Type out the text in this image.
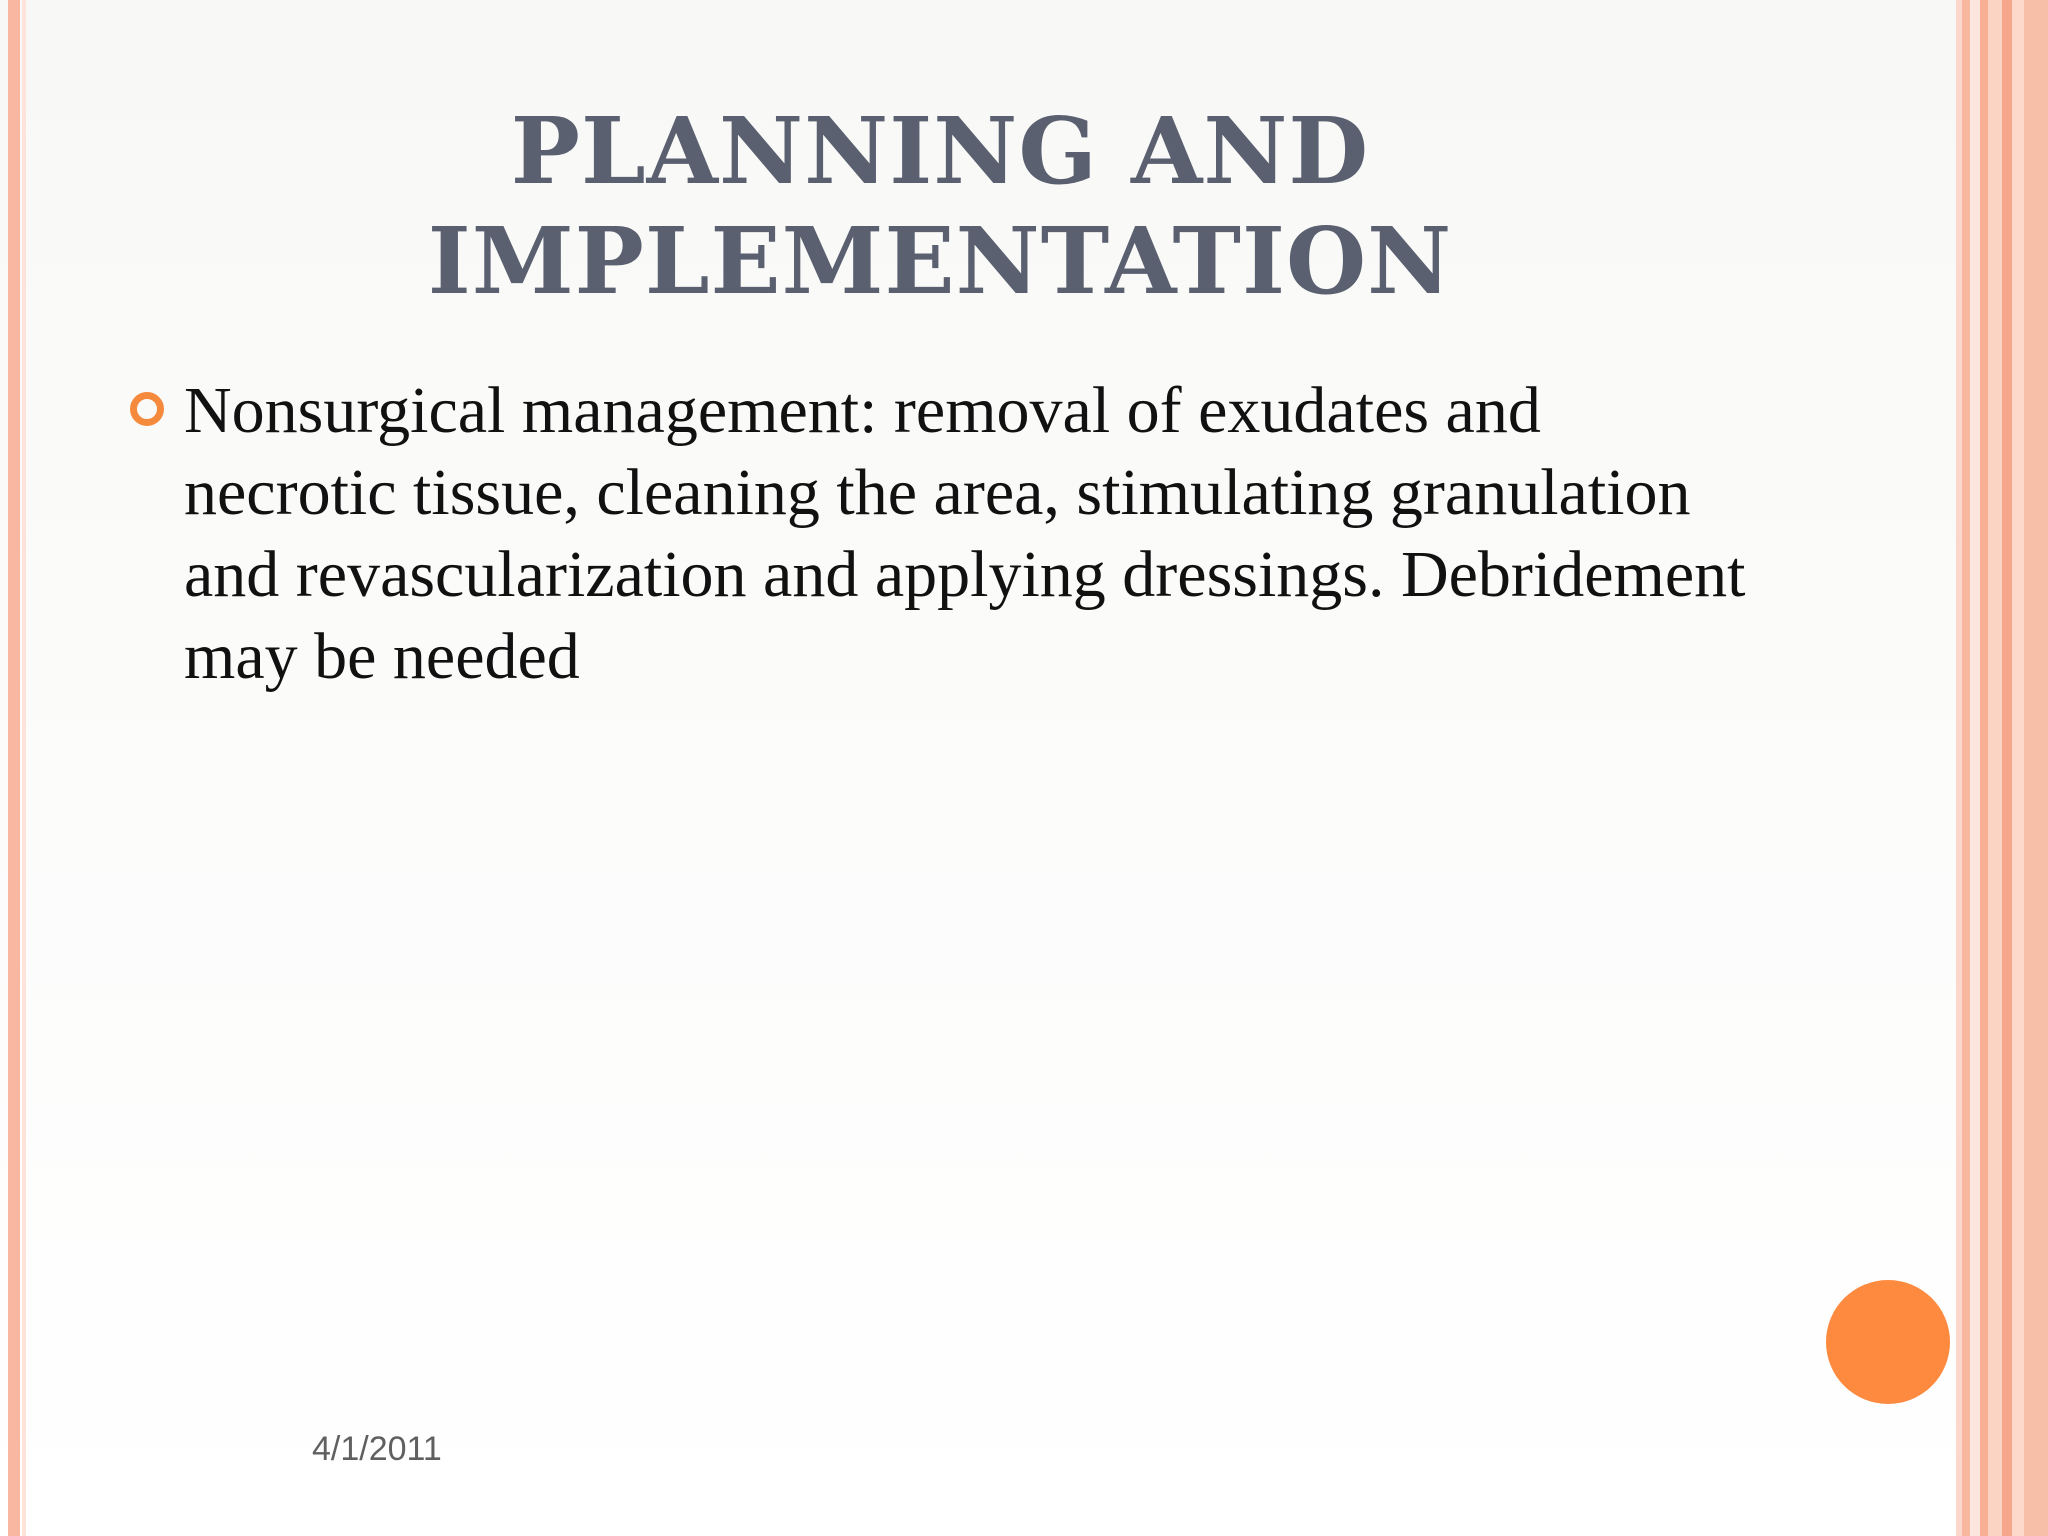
PLANNING AND
IMPLEMENTATION
Nonsurgical management: removal of exudates and necrotic tissue, cleaning the area, stimulating granulation and revascularization and applying dressings. Debridement may be needed
4/1/2011
